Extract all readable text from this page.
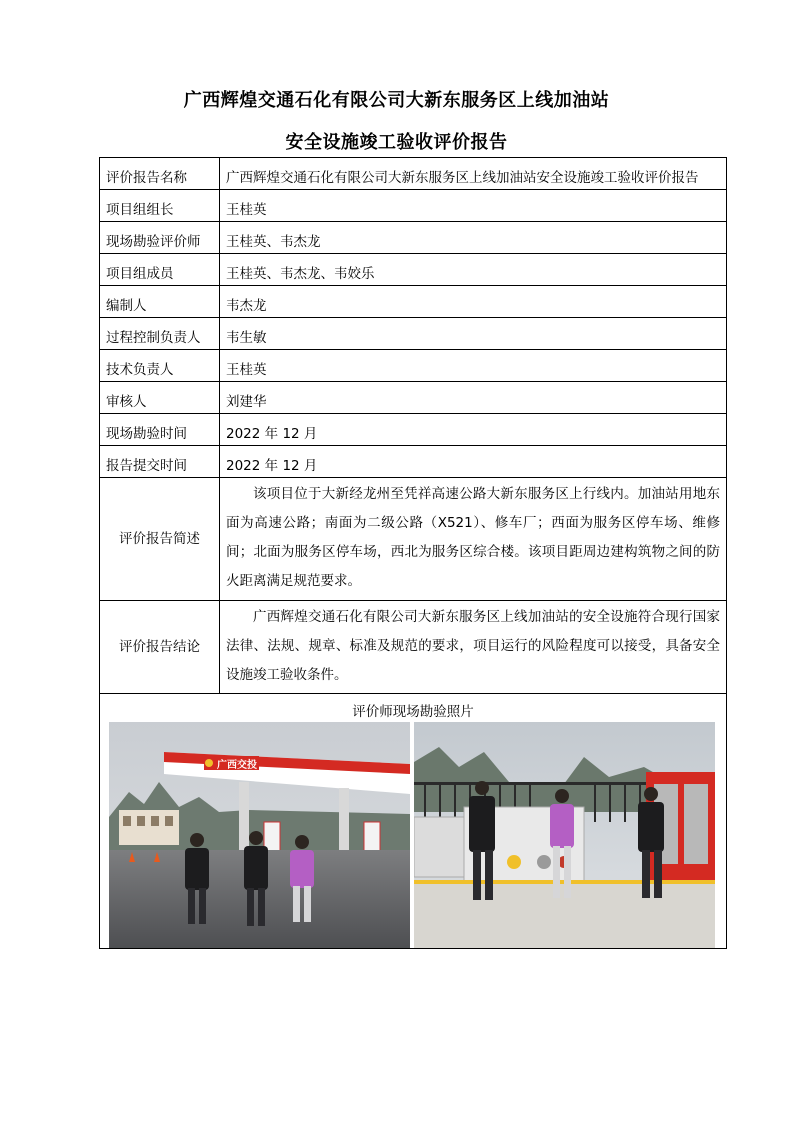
广西辉煌交通石化有限公司大新东服务区上线加油站
安全设施竣工验收评价报告
评价报告名称	广西辉煌交通石化有限公司大新东服务区上线加油站安全设施竣工验收评价报告
项目组组长	王桂英
现场勘验评价师	王桂英、韦杰龙
项目组成员	王桂英、韦杰龙、韦姣乐
编制人	韦杰龙
过程控制负责人	韦生敏
技术负责人	王桂英
审核人	刘建华
现场勘验时间	2022 年 12 月
报告提交时间	2022 年 12 月
评价报告简述	该项目位于大新经龙州至凭祥高速公路大新东服务区上行线内。加油站用地东面为高速公路；南面为二级公路（X521）、修车厂；西面为服务区停车场、维修间；北面为服务区停车场，西北为服务区综合楼。该项目距周边建构筑物之间的防火距离满足规范要求。
评价报告结论	广西辉煌交通石化有限公司大新东服务区上线加油站的安全设施符合现行国家法律、法规、规章、标准及规范的要求，项目运行的风险程度可以接受，具备安全设施竣工验收条件。

评价师现场勘验照片
广西交投	
